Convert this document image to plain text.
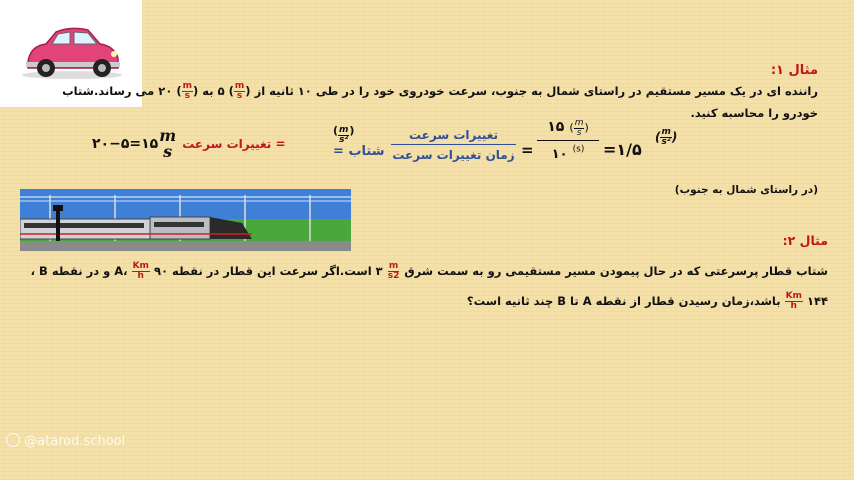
مثال ۱:
راننده ای در یک مسیر مستقیم در راستای شمال به جنوب، سرعت خودروی خود را در طی ۱۰ ثانیه از (
$\frac{m}{s}$
) ۵ به (
$\frac{m}{s}$
) ۲۰ می رساند.شتاب
خودرو را محاسبه کنید.
= تغییرات سرعت ۲۰−۵=۱۵ m
s
$^( \frac{m}{\text{s²}} ^)$
شتاب =
تغییرات سرعت
زمان تغییرات سرعت =
۱۵ ( $\frac{m}{s}$ )
۱۰ $^{(s)}$	=۱/۵
( $\frac{m}{\text{s²}}$ )
(در راستای شمال به جنوب)
مثال ۲:
شتاب قطار پرسرعتی که در حال پیمودن مسیر مستقیمی رو به سمت شرق
$\frac{m}{s2}$
۳ است.اگر سرعت این قطار در نقطه A،
$\frac{Km}{h}$
۹۰ و در نقطه B ،
۱۴۴
$\frac{Km}{h}$
باشد،زمان رسیدن قطار از نقطه A تا B چند ثانیه است؟
@atarod.school
